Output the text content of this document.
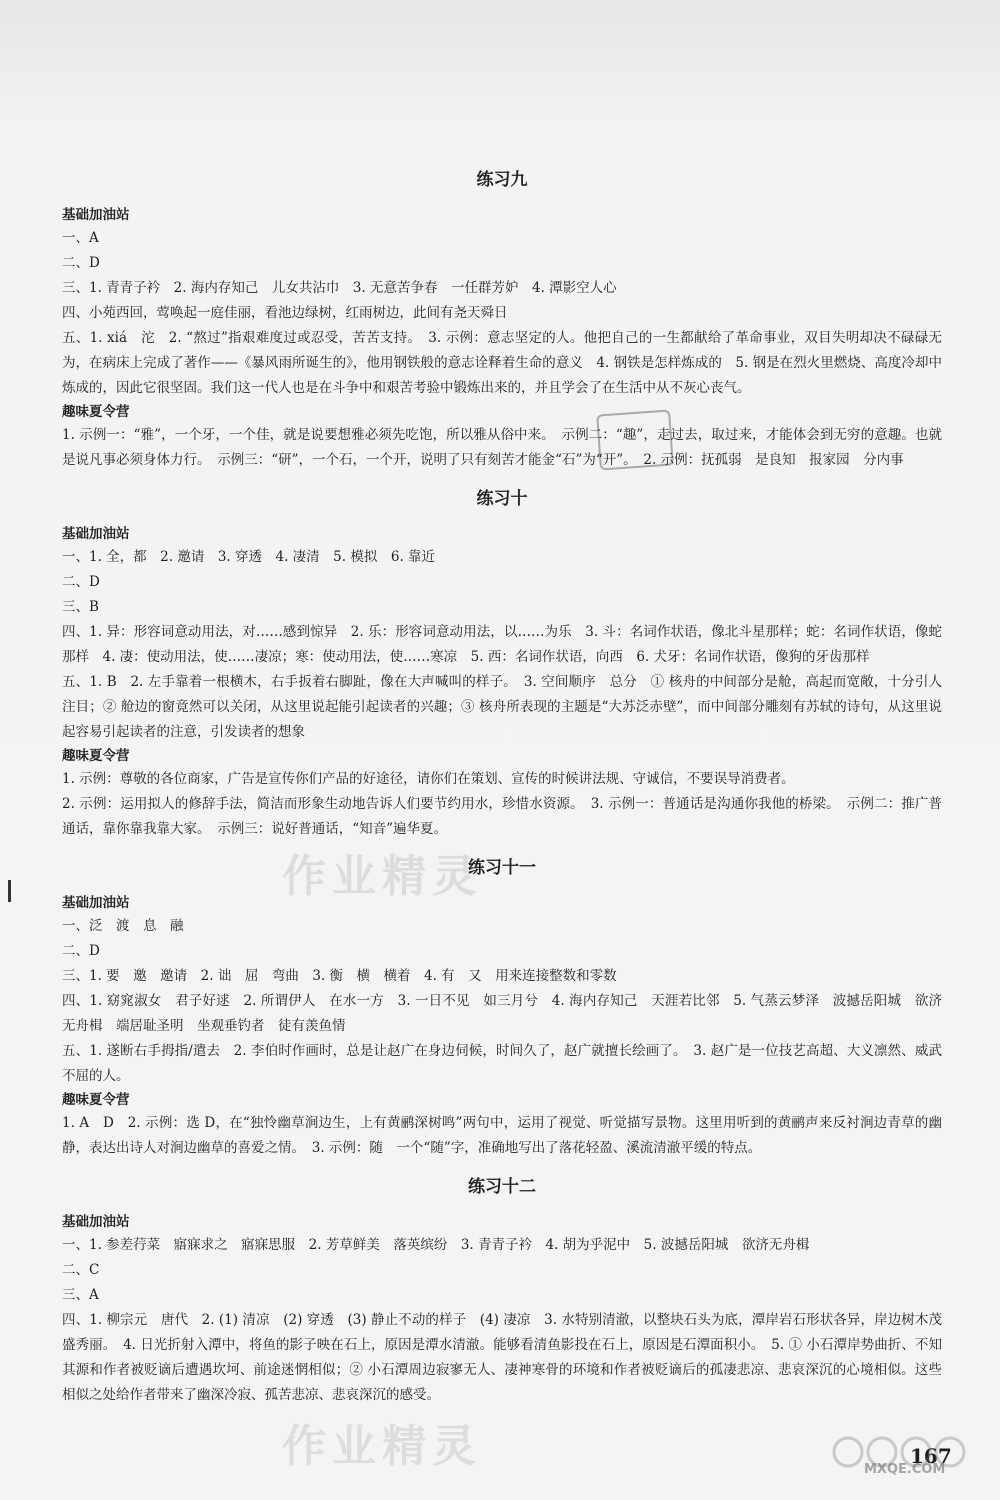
作业精灵
作业精灵
练习九
基础加油站
一、A
二、D
三、1. 青青子衿　2. 海内存知己　儿女共沾巾　3. 无意苦争春　一任群芳妒　4. 潭影空人心
四、小苑西回，莺唤起一庭佳丽，看池边绿树，红雨树边，此间有尧天舜日
五、1. xiá　沱　2. “熬过”指艰难度过或忍受，苦苦支持。　3. 示例：意志坚定的人。他把自己的一生都献给了革命事业，双目失明却决不碌碌无为，在病床上完成了著作——《暴风雨所诞生的》，他用钢铁般的意志诠释着生命的意义　4. 钢铁是怎样炼成的　5. 钢是在烈火里燃烧、高度冷却中炼成的，因此它很坚固。我们这一代人也是在斗争中和艰苦考验中锻炼出来的，并且学会了在生活中从不灰心丧气。
趣味夏令营
1. 示例一：“雅”，一个牙，一个佳，就是说要想雅必须先吃饱，所以雅从俗中来。　示例二：“趣”，走过去，取过来，才能体会到无穷的意趣。也就是说凡事必须身体力行。　示例三：“研”，一个石，一个开，说明了只有刻苦才能金“石”为“开”。　2. 示例：抚孤弱　是良知　报家园　分内事
练习十
基础加油站
一、1. 全，都　2. 邀请　3. 穿透　4. 凄清　5. 模拟　6. 靠近
二、D
三、B
四、1. 异：形容词意动用法，对……感到惊异　2. 乐：形容词意动用法，以……为乐　3. 斗：名词作状语，像北斗星那样；蛇：名词作状语，像蛇那样　4. 凄：使动用法，使……凄凉；寒：使动用法，使……寒凉　5. 西：名词作状语，向西　6. 犬牙：名词作状语，像狗的牙齿那样
五、1. B　2. 左手靠着一根横木，右手扳着右脚趾，像在大声喊叫的样子。　3. 空间顺序　总分　① 核舟的中间部分是舱，高起而宽敞，十分引人注目；② 舱边的窗竟然可以关闭，从这里说起能引起读者的兴趣；③ 核舟所表现的主题是“大苏泛赤壁”，而中间部分雕刻有苏轼的诗句，从这里说起容易引起读者的注意，引发读者的想象
趣味夏令营
1. 示例：尊敬的各位商家，广告是宣传你们产品的好途径，请你们在策划、宣传的时候讲法规、守诚信，不要误导消费者。
2. 示例：运用拟人的修辞手法，简洁而形象生动地告诉人们要节约用水，珍惜水资源。　3. 示例一：普通话是沟通你我他的桥梁。　示例二：推广普通话，靠你靠我靠大家。　示例三：说好普通话，“知音”遍华夏。
练习十一
基础加油站
一、泛　渡　息　融
二、D
三、1. 要　邀　邀请　2. 诎　屈　弯曲　3. 衡　横　横着　4. 有　又　用来连接整数和零数
四、1. 窈窕淑女　君子好逑　2. 所谓伊人　在水一方　3. 一日不见　如三月兮　4. 海内存知己　天涯若比邻　5. 气蒸云梦泽　波撼岳阳城　欲济无舟楫　端居耻圣明　坐观垂钓者　徒有羡鱼情
五、1. 遂断右手拇指/遣去　2. 李伯时作画时，总是让赵广在身边伺候，时间久了，赵广就擅长绘画了。　3. 赵广是一位技艺高超、大义凛然、威武不屈的人。
趣味夏令营
1. A　D　2. 示例：选 D，在“独怜幽草涧边生，上有黄鹂深树鸣”两句中，运用了视觉、听觉描写景物。这里用听到的黄鹂声来反衬涧边青草的幽静，表达出诗人对涧边幽草的喜爱之情。　3. 示例：随　一个“随”字，准确地写出了落花轻盈、溪流清澈平缓的特点。
练习十二
基础加油站
一、1. 参差荇菜　寤寐求之　寤寐思服　2. 芳草鲜美　落英缤纷　3. 青青子衿　4. 胡为乎泥中　5. 波撼岳阳城　欲济无舟楫
二、C
三、A
四、1. 柳宗元　唐代　2. (1) 清凉　(2) 穿透　(3) 静止不动的样子　(4) 凄凉　3. 水特别清澈，以整块石头为底，潭岸岩石形状各异，岸边树木茂盛秀丽。　4. 日光折射入潭中，将鱼的影子映在石上，原因是潭水清澈。能够看清鱼影投在石上，原因是石潭面积小。　5. ① 小石潭岸势曲折、不知其源和作者被贬谪后遭遇坎坷、前途迷惘相似；② 小石潭周边寂寥无人、凄神寒骨的环境和作者被贬谪后的孤凄悲凉、悲哀深沉的心境相似。这些相似之处给作者带来了幽深冷寂、孤苦悲凉、悲哀深沉的感受。
167
MXQE.COM
